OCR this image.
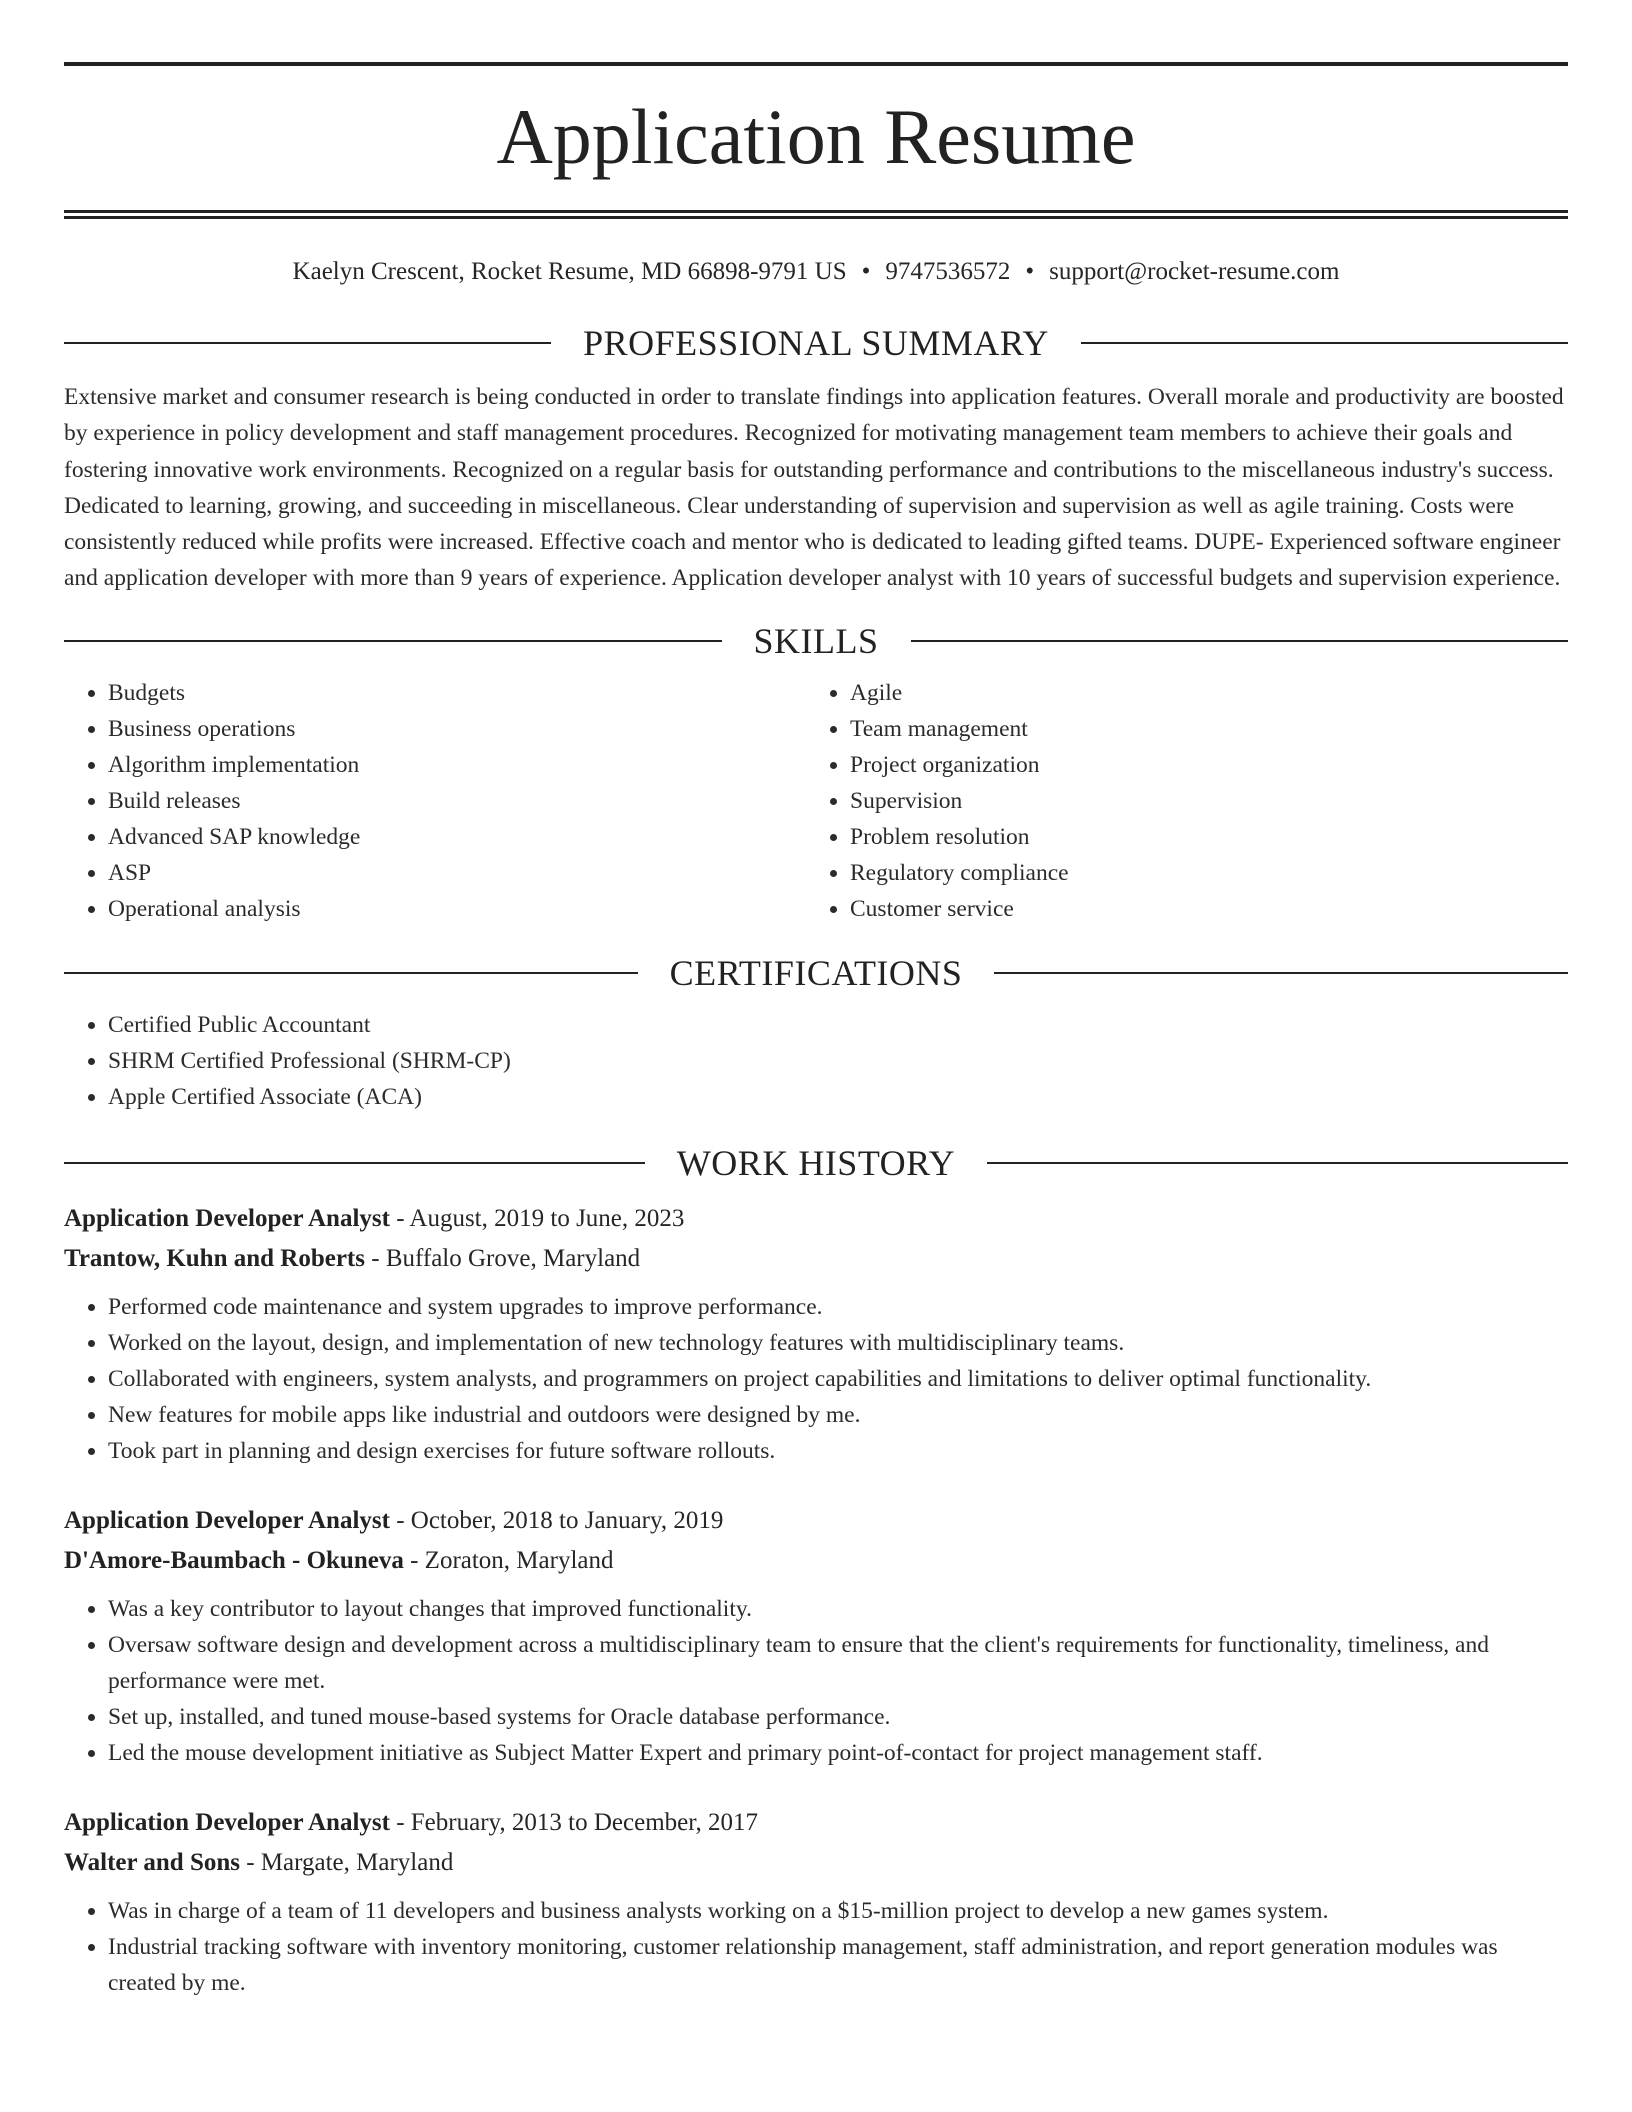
Application Resume
Kaelyn Crescent, Rocket Resume, MD 66898-9791 US • 9747536572 • support@rocket-resume.com
PROFESSIONAL SUMMARY

Extensive market and consumer research is being conducted in order to translate findings into application features. Overall morale and productivity are boosted by experience in policy development and staff management procedures. Recognized for motivating management team members to achieve their goals and fostering innovative work environments. Recognized on a regular basis for outstanding performance and contributions to the miscellaneous industry's success. Dedicated to learning, growing, and succeeding in miscellaneous. Clear understanding of supervision and supervision as well as agile training. Costs were consistently reduced while profits were increased. Effective coach and mentor who is dedicated to leading gifted teams. DUPE- Experienced software engineer and application developer with more than 9 years of experience. Application developer analyst with 10 years of successful budgets and supervision experience.

SKILLS
• Budgets
• Business operations
• Algorithm implementation
• Build releases
• Advanced SAP knowledge
• ASP
• Operational analysis
• Agile
• Team management
• Project organization
• Supervision
• Problem resolution
• Regulatory compliance
• Customer service
CERTIFICATIONS
• Certified Public Accountant
• SHRM Certified Professional (SHRM-CP)
• Apple Certified Associate (ACA)
WORK HISTORY
Application Developer Analyst - August, 2019 to June, 2023
Trantow, Kuhn and Roberts - Buffalo Grove, Maryland
• Performed code maintenance and system upgrades to improve performance.
• Worked on the layout, design, and implementation of new technology features with multidisciplinary teams.
• Collaborated with engineers, system analysts, and programmers on project capabilities and limitations to deliver optimal functionality.
• New features for mobile apps like industrial and outdoors were designed by me.
• Took part in planning and design exercises for future software rollouts.
Application Developer Analyst - October, 2018 to January, 2019
D'Amore-Baumbach - Okuneva - Zoraton, Maryland
• Was a key contributor to layout changes that improved functionality.
• Oversaw software design and development across a multidisciplinary team to ensure that the client's requirements for functionality, timeliness, and performance were met.
• Set up, installed, and tuned mouse-based systems for Oracle database performance.
• Led the mouse development initiative as Subject Matter Expert and primary point-of-contact for project management staff.
Application Developer Analyst - February, 2013 to December, 2017
Walter and Sons - Margate, Maryland
• Was in charge of a team of 11 developers and business analysts working on a $15-million project to develop a new games system.
• Industrial tracking software with inventory monitoring, customer relationship management, staff administration, and report generation modules was created by me.
